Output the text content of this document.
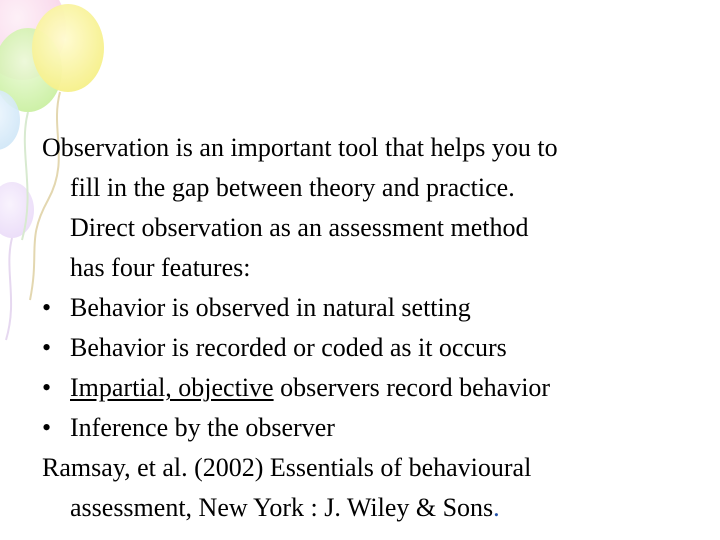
Observation is an important tool that helps you to
fill in the gap between theory and practice.
Direct observation as an assessment method
has four features:
• Behavior is observed in natural setting
• Behavior is recorded or coded as it occurs
• Impartial, objective observers record behavior
• Inference by the observer
Ramsay, et al. (2002) Essentials of behavioural
assessment, New York : J. Wiley & Sons.
